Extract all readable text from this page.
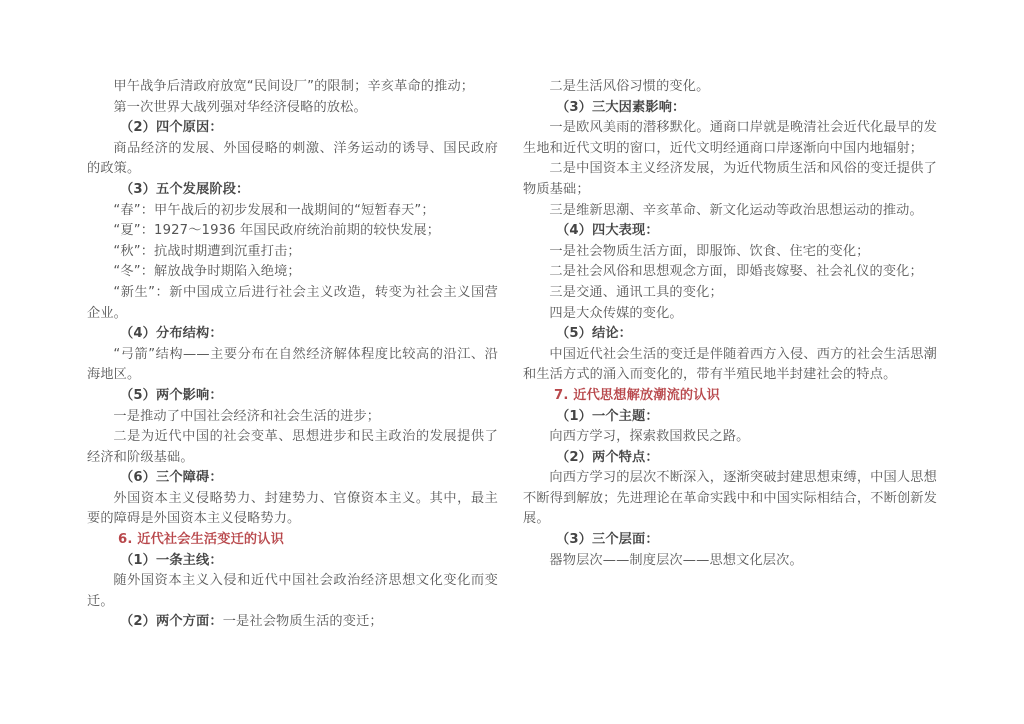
甲午战争后清政府放宽“民间设厂”的限制；辛亥革命的推动；
第一次世界大战列强对华经济侵略的放松。
（2）四个原因：
商品经济的发展、外国侵略的刺激、洋务运动的诱导、国民政府的政策。
（3）五个发展阶段：
“春”：甲午战后的初步发展和一战期间的“短暂春天”；
“夏”：1927～1936 年国民政府统治前期的较快发展；
“秋”：抗战时期遭到沉重打击；
“冬”：解放战争时期陷入绝境；
“新生”：新中国成立后进行社会主义改造，转变为社会主义国营企业。
（4）分布结构：
“弓箭”结构——主要分布在自然经济解体程度比较高的沿江、沿海地区。
（5）两个影响：
一是推动了中国社会经济和社会生活的进步；
二是为近代中国的社会变革、思想进步和民主政治的发展提供了经济和阶级基础。
（6）三个障碍：
外国资本主义侵略势力、封建势力、官僚资本主义。其中，最主要的障碍是外国资本主义侵略势力。
6. 近代社会生活变迁的认识
（1）一条主线：
随外国资本主义入侵和近代中国社会政治经济思想文化变化而变迁。
（2）两个方面：一是社会物质生活的变迁；
二是生活风俗习惯的变化。
（3）三大因素影响：
一是欧风美雨的潜移默化。通商口岸就是晚清社会近代化最早的发生地和近代文明的窗口，近代文明经通商口岸逐渐向中国内地辐射；
二是中国资本主义经济发展，为近代物质生活和风俗的变迁提供了物质基础；
三是维新思潮、辛亥革命、新文化运动等政治思想运动的推动。
（4）四大表现：
一是社会物质生活方面，即服饰、饮食、住宅的变化；
二是社会风俗和思想观念方面，即婚丧嫁娶、社会礼仪的变化；
三是交通、通讯工具的变化；
四是大众传媒的变化。
（5）结论：
中国近代社会生活的变迁是伴随着西方入侵、西方的社会生活思潮和生活方式的涌入而变化的，带有半殖民地半封建社会的特点。
7. 近代思想解放潮流的认识
（1）一个主题：
向西方学习，探索救国救民之路。
（2）两个特点：
向西方学习的层次不断深入，逐渐突破封建思想束缚，中国人思想不断得到解放；先进理论在革命实践中和中国实际相结合，不断创新发展。
（3）三个层面：
器物层次——制度层次——思想文化层次。
